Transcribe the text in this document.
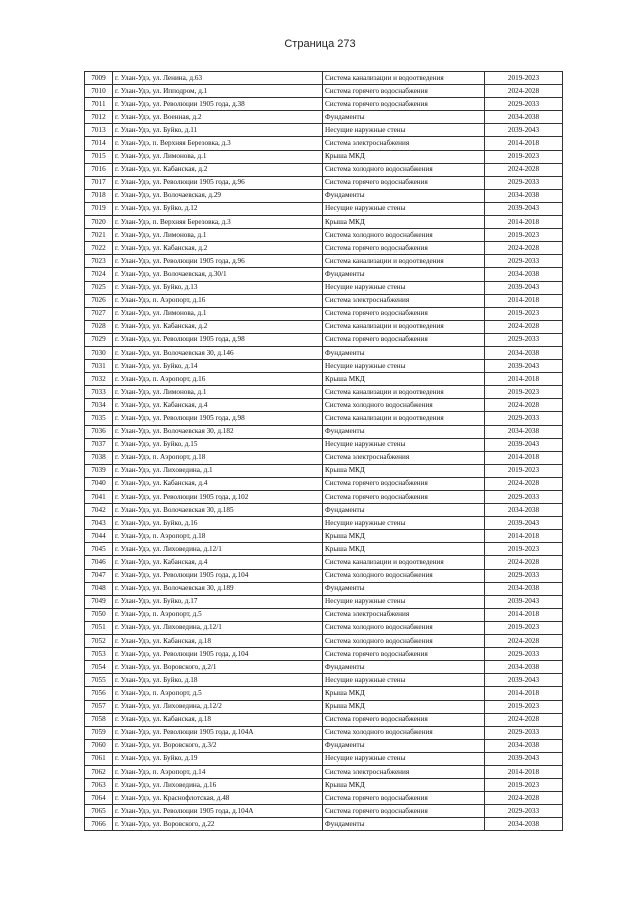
Страница 273
7009	г. Улан-Удэ, ул. Ленина, д.63	Система канализации и водоотведения	2019-2023
7010	г. Улан-Удэ, ул. Ипподром, д.1	Система горячего водоснабжения	2024-2028
7011	г. Улан-Удэ, ул. Революции 1905 года, д.38	Система горячего водоснабжения	2029-2033
7012	г. Улан-Удэ, ул. Военная, д.2	Фундаменты	2034-2038
7013	г. Улан-Удэ, ул. Буйко, д.11	Несущие наружные стены	2039-2043
7014	г. Улан-Удэ, п. Верхняя Березовка, д.3	Система электроснабжения	2014-2018
7015	г. Улан-Удэ, ул. Лимонова, д.1	Крыша МКД	2019-2023
7016	г. Улан-Удэ, ул. Кабанская, д.2	Система холодного водоснабжения	2024-2028
7017	г. Улан-Удэ, ул. Революции 1905 года, д.96	Система горячего водоснабжения	2029-2033
7018	г. Улан-Удэ, ул. Волочаевская, д.29	Фундаменты	2034-2038
7019	г. Улан-Удэ, ул. Буйко, д.12	Несущие наружные стены	2039-2043
7020	г. Улан-Удэ, п. Верхняя Березовка, д.3	Крыша МКД	2014-2018
7021	г. Улан-Удэ, ул. Лимонова, д.1	Система холодного водоснабжения	2019-2023
7022	г. Улан-Удэ, ул. Кабанская, д.2	Система горячего водоснабжения	2024-2028
7023	г. Улан-Удэ, ул. Революции 1905 года, д.96	Система канализации и водоотведения	2029-2033
7024	г. Улан-Удэ, ул. Волочаевская, д.30/1	Фундаменты	2034-2038
7025	г. Улан-Удэ, ул. Буйко, д.13	Несущие наружные стены	2039-2043
7026	г. Улан-Удэ, п. Аэропорт, д.16	Система электроснабжения	2014-2018
7027	г. Улан-Удэ, ул. Лимонова, д.1	Система горячего водоснабжения	2019-2023
7028	г. Улан-Удэ, ул. Кабанская, д.2	Система канализации и водоотведения	2024-2028
7029	г. Улан-Удэ, ул. Революции 1905 года, д.98	Система горячего водоснабжения	2029-2033
7030	г. Улан-Удэ, ул. Волочаевская 30, д.146	Фундаменты	2034-2038
7031	г. Улан-Удэ, ул. Буйко, д.14	Несущие наружные стены	2039-2043
7032	г. Улан-Удэ, п. Аэропорт, д.16	Крыша МКД	2014-2018
7033	г. Улан-Удэ, ул. Лимонова, д.1	Система канализации и водоотведения	2019-2023
7034	г. Улан-Удэ, ул. Кабанская, д.4	Система холодного водоснабжения	2024-2028
7035	г. Улан-Удэ, ул. Революции 1905 года, д.98	Система канализации и водоотведения	2029-2033
7036	г. Улан-Удэ, ул. Волочаевская 30, д.182	Фундаменты	2034-2038
7037	г. Улан-Удэ, ул. Буйко, д.15	Несущие наружные стены	2039-2043
7038	г. Улан-Удэ, п. Аэропорт, д.18	Система электроснабжения	2014-2018
7039	г. Улан-Удэ, ул. Лиxоведина, д.1	Крыша МКД	2019-2023
7040	г. Улан-Удэ, ул. Кабанская, д.4	Система горячего водоснабжения	2024-2028
7041	г. Улан-Удэ, ул. Революции 1905 года, д.102	Система горячего водоснабжения	2029-2033
7042	г. Улан-Удэ, ул. Волочаевская 30, д.185	Фундаменты	2034-2038
7043	г. Улан-Удэ, ул. Буйко, д.16	Несущие наружные стены	2039-2043
7044	г. Улан-Удэ, п. Аэропорт, д.18	Крыша МКД	2014-2018
7045	г. Улан-Удэ, ул. Лиxоведина, д.12/1	Крыша МКД	2019-2023
7046	г. Улан-Удэ, ул. Кабанская, д.4	Система канализации и водоотведения	2024-2028
7047	г. Улан-Удэ, ул. Революции 1905 года, д.104	Система холодного водоснабжения	2029-2033
7048	г. Улан-Удэ, ул. Волочаевская 30, д.189	Фундаменты	2034-2038
7049	г. Улан-Удэ, ул. Буйко, д.17	Несущие наружные стены	2039-2043
7050	г. Улан-Удэ, п. Аэропорт, д.5	Система электроснабжения	2014-2018
7051	г. Улан-Удэ, ул. Лиxоведина, д.12/1	Система холодного водоснабжения	2019-2023
7052	г. Улан-Удэ, ул. Кабанская, д.18	Система холодного водоснабжения	2024-2028
7053	г. Улан-Удэ, ул. Революции 1905 года, д.104	Система горячего водоснабжения	2029-2033
7054	г. Улан-Удэ, ул. Воровского, д.2/1	Фундаменты	2034-2038
7055	г. Улан-Удэ, ул. Буйко, д.18	Несущие наружные стены	2039-2043
7056	г. Улан-Удэ, п. Аэропорт, д.5	Крыша МКД	2014-2018
7057	г. Улан-Удэ, ул. Лиxоведина, д.12/2	Крыша МКД	2019-2023
7058	г. Улан-Удэ, ул. Кабанская, д.18	Система горячего водоснабжения	2024-2028
7059	г. Улан-Удэ, ул. Революции 1905 года, д.104А	Система холодного водоснабжения	2029-2033
7060	г. Улан-Удэ, ул. Воровского, д.3/2	Фундаменты	2034-2038
7061	г. Улан-Удэ, ул. Буйко, д.19	Несущие наружные стены	2039-2043
7062	г. Улан-Удэ, п. Аэропорт, д.14	Система электроснабжения	2014-2018
7063	г. Улан-Удэ, ул. Лиxоведина, д.16	Крыша МКД	2019-2023
7064	г. Улан-Удэ, ул. Краснофлотская, д.48	Система горячего водоснабжения	2024-2028
7065	г. Улан-Удэ, ул. Революции 1905 года, д.104А	Система горячего водоснабжения	2029-2033
7066	г. Улан-Удэ, ул. Воровского, д.22	Фундаменты	2034-2038
